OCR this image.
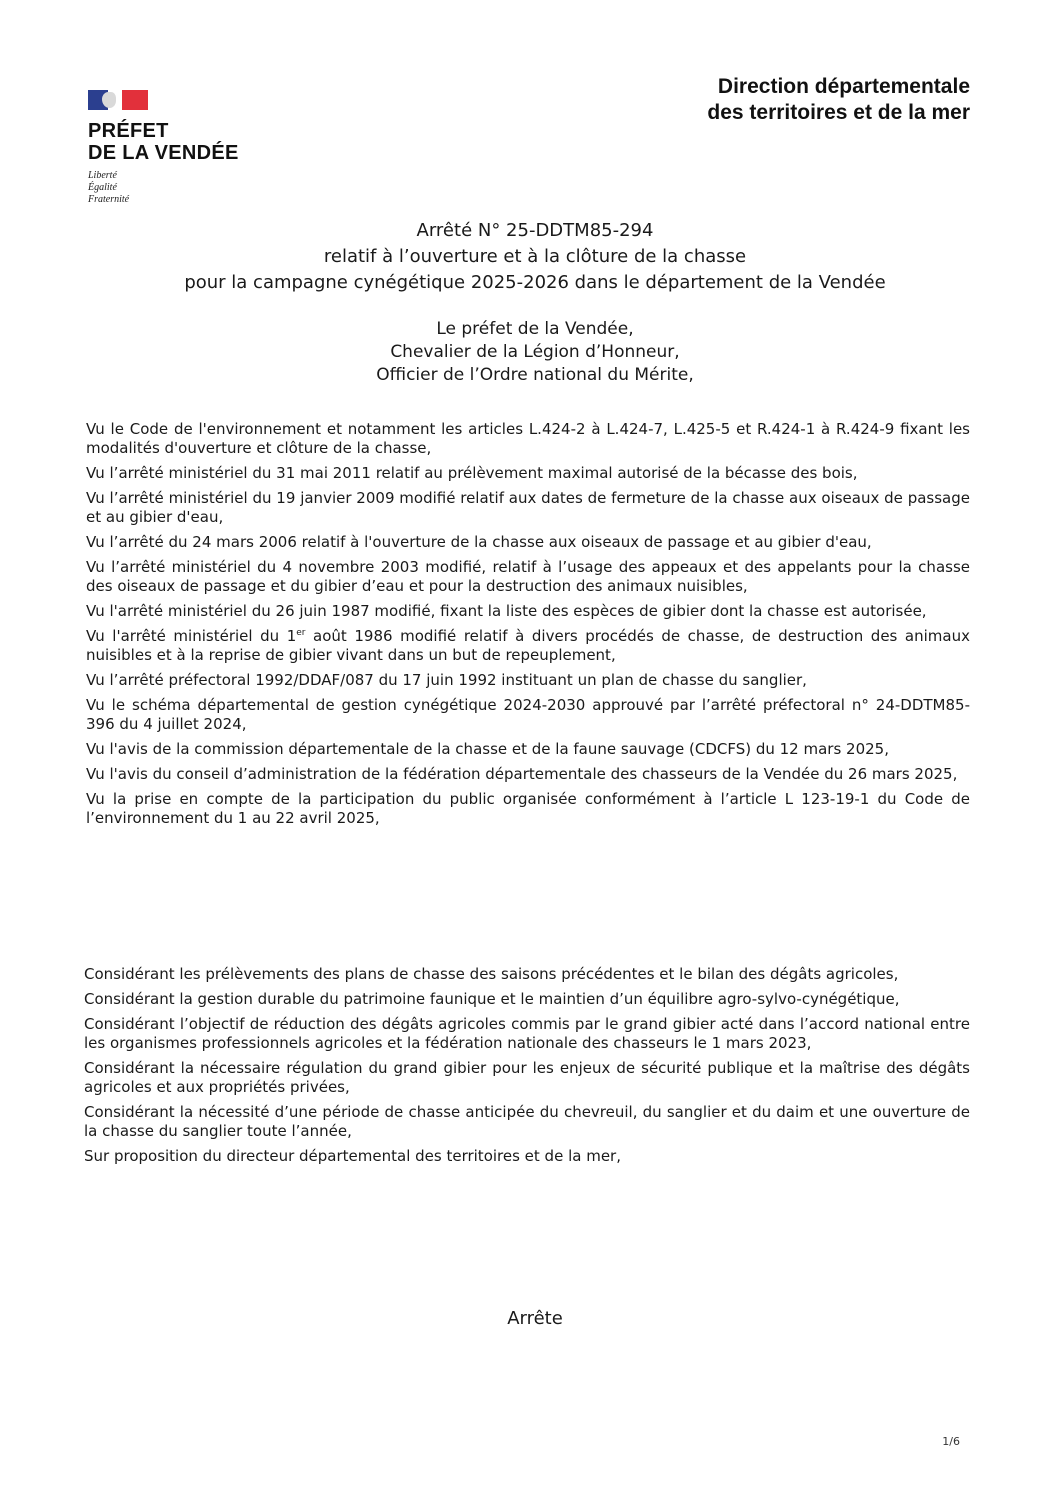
PRÉFET
DE LA VENDÉE
Liberté
Égalité
Fraternité
Direction départementale
des territoires et de la mer
Arrêté N° 25-DDTM85-294
relatif à l’ouverture et à la clôture de la chasse
pour la campagne cynégétique 2025-2026 dans le département de la Vendée
Le préfet de la Vendée,
Chevalier de la Légion d’Honneur,
Officier de l’Ordre national du Mérite,

Vu le Code de l'environnement et notamment les articles L.424-2 à L.424-7, L.425-5 et R.424-1 à R.424-9 fixant les modalités d'ouverture et clôture de la chasse,

Vu l’arrêté ministériel du 31 mai 2011 relatif au prélèvement maximal autorisé de la bécasse des bois,

Vu l’arrêté ministériel du 19 janvier 2009 modifié relatif aux dates de fermeture de la chasse aux oiseaux de passage et au gibier d'eau,

Vu l’arrêté du 24 mars 2006 relatif à l'ouverture de la chasse aux oiseaux de passage et au gibier d'eau,

Vu l’arrêté ministériel du 4 novembre 2003 modifié, relatif à l’usage des appeaux et des appelants pour la chasse des oiseaux de passage et du gibier d’eau et pour la destruction des animaux nuisibles,

Vu l'arrêté ministériel du 26 juin 1987 modifié, fixant la liste des espèces de gibier dont la chasse est autorisée,

Vu l'arrêté ministériel du 1er août 1986 modifié relatif à divers procédés de chasse, de destruction des animaux nuisibles et à la reprise de gibier vivant dans un but de repeuplement,

Vu l’arrêté préfectoral 1992/DDAF/087 du 17 juin 1992 instituant un plan de chasse du sanglier,

Vu le schéma départemental de gestion cynégétique 2024-2030 approuvé par l’arrêté préfectoral n° 24-DDTM85-396 du 4 juillet 2024,

Vu l'avis de la commission départementale de la chasse et de la faune sauvage (CDCFS) du 12 mars 2025,

Vu l'avis du conseil d’administration de la fédération départementale des chasseurs de la Vendée du 26 mars 2025,

Vu la prise en compte de la participation du public organisée conformément à l’article L 123-19-1 du Code de l’environnement du 1 au 22 avril 2025,

Considérant les prélèvements des plans de chasse des saisons précédentes et le bilan des dégâts agricoles,

Considérant la gestion durable du patrimoine faunique et le maintien d’un équilibre agro-sylvo-cynégétique,

Considérant l’objectif de réduction des dégâts agricoles commis par le grand gibier acté dans l’accord national entre les organismes professionnels agricoles et la fédération nationale des chasseurs le 1 mars 2023,

Considérant la nécessaire régulation du grand gibier pour les enjeux de sécurité publique et la maîtrise des dégâts agricoles et aux propriétés privées,

Considérant la nécessité d’une période de chasse anticipée du chevreuil, du sanglier et du daim et une ouverture de la chasse du sanglier toute l’année,

Sur proposition du directeur départemental des territoires et de la mer,

Arrête
1/6
